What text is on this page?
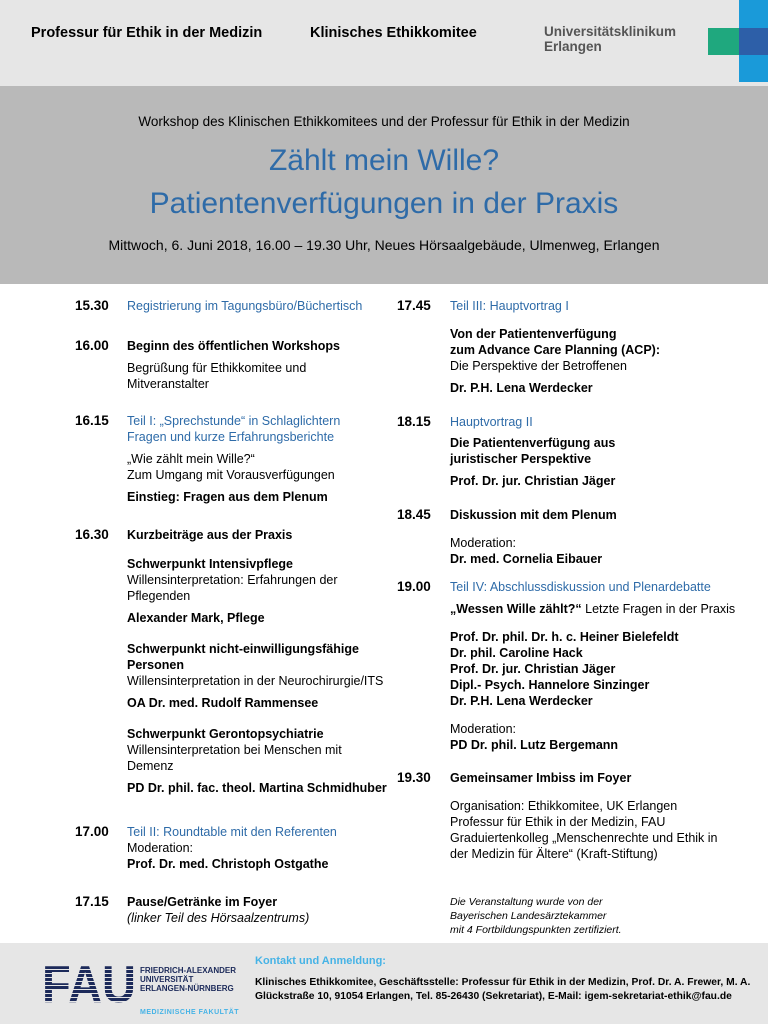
Professur für Ethik in der Medizin	Klinisches Ethikkomitee	Universitätsklinikum
Erlangen
Workshop des Klinischen Ethikkomitees und der Professur für Ethik in der Medizin
Zählt mein Wille?
Patientenverfügungen in der Praxis
Mittwoch, 6. Juni 2018, 16.00 – 19.30 Uhr, Neues Hörsaalgebäude, Ulmenweg, Erlangen
15.30 Registrierung im Tagungsbüro/Büchertisch
16.00 Beginn des öffentlichen Workshops
Begrüßung für Ethikkomitee und
Mitveranstalter
16.15 Teil I: „Sprechstunde“ in Schlaglichtern
Fragen und kurze Erfahrungsberichte
„Wie zählt mein Wille?“
Zum Umgang mit Vorausverfügungen
Einstieg: Fragen aus dem Plenum
16.30 Kurzbeiträge aus der Praxis
Schwerpunkt Intensivpflege
Willensinterpretation: Erfahrungen der
Pflegenden
Alexander Mark, Pflege
Schwerpunkt nicht-einwilligungsfähige
Personen
Willensinterpretation in der Neurochirurgie/ITS
OA Dr. med. Rudolf Rammensee
Schwerpunkt Gerontopsychiatrie
Willensinterpretation bei Menschen mit
Demenz
PD Dr. phil. fac. theol. Martina Schmidhuber
17.00 Teil II: Roundtable mit den Referenten
Moderation:
Prof. Dr. med. Christoph Ostgathe
17.15 Pause/Getränke im Foyer
(linker Teil des Hörsaalzentrums)
17.45 Teil III: Hauptvortrag I
Von der Patientenverfügung
zum Advance Care Planning (ACP):
Die Perspektive der Betroffenen
Dr. P.H. Lena Werdecker
18.15 Hauptvortrag II
Die Patientenverfügung aus
juristischer Perspektive
Prof. Dr. jur. Christian Jäger
18.45 Diskussion mit dem Plenum
Moderation:
Dr. med. Cornelia Eibauer
19.00 Teil IV: Abschlussdiskussion und Plenardebatte
„Wessen Wille zählt?“ Letzte Fragen in der Praxis
Prof. Dr. phil. Dr. h. c. Heiner Bielefeldt
Dr. phil. Caroline Hack
Prof. Dr. jur. Christian Jäger
Dipl.- Psych. Hannelore Sinzinger
Dr. P.H. Lena Werdecker
Moderation:
PD Dr. phil. Lutz Bergemann
19.30 Gemeinsamer Imbiss im Foyer
Organisation: Ethikkomitee, UK Erlangen
Professur für Ethik in der Medizin, FAU
Graduiertenkolleg „Menschenrechte und Ethik in
der Medizin für Ältere“ (Kraft-Stiftung)
Die Veranstaltung wurde von der
Bayerischen Landesärztekammer
mit 4 Fortbildungspunkten zertifiziert.
FAU FRIEDRICH-ALEXANDER
UNIVERSITÄT
ERLANGEN-NÜRNBERG
MEDIZINISCHE FAKULTÄT
Kontakt und Anmeldung:
Klinisches Ethikkomitee, Geschäftsstelle: Professur für Ethik in der Medizin, Prof. Dr. A. Frewer, M. A.
Glückstraße 10, 91054 Erlangen, Tel. 85-26430 (Sekretariat), E-Mail: igem-sekretariat-ethik@fau.de
